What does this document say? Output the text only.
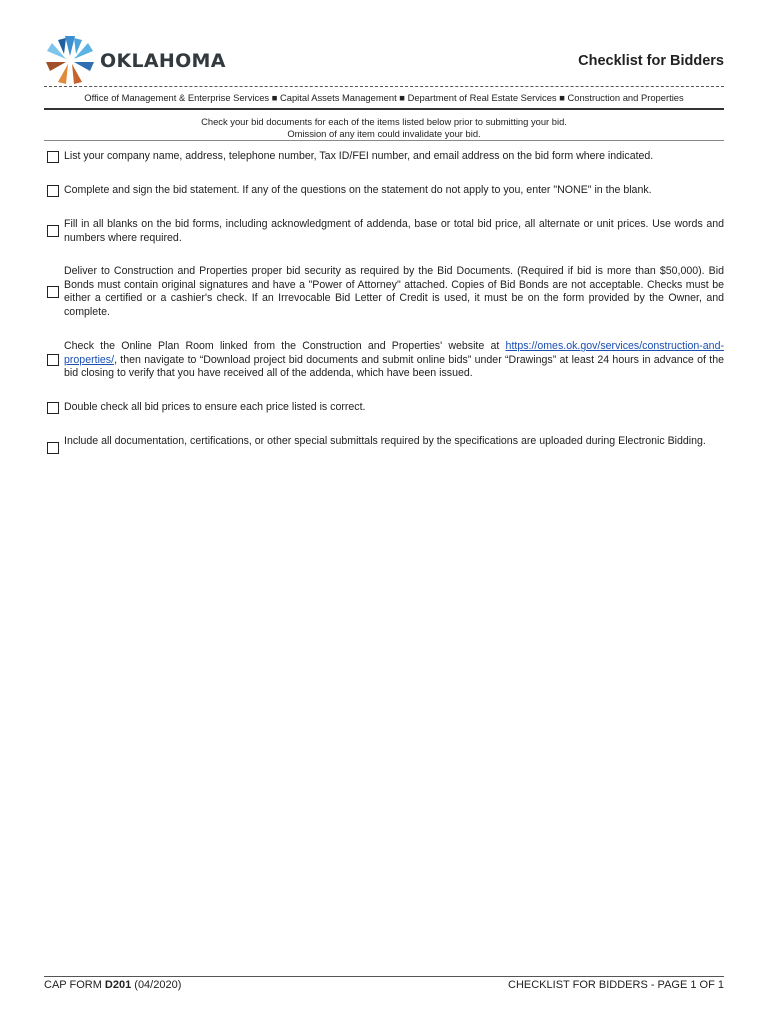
OKLAHOMA	Checklist for Bidders
Office of Management & Enterprise Services ■ Capital Assets Management ■ Department of Real Estate Services ■ Construction and Properties
Check your bid documents for each of the items listed below prior to submitting your bid.
Omission of any item could invalidate your bid.
List your company name, address, telephone number, Tax ID/FEI number, and email address on the bid form where indicated.
Complete and sign the bid statement. If any of the questions on the statement do not apply to you, enter "NONE" in the blank.
Fill in all blanks on the bid forms, including acknowledgment of addenda, base or total bid price, all alternate or unit prices. Use words and numbers where required.
Deliver to Construction and Properties proper bid security as required by the Bid Documents. (Required if bid is more than $50,000). Bid Bonds must contain original signatures and have a "Power of Attorney" attached. Copies of Bid Bonds are not acceptable. Checks must be either a certified or a cashier's check. If an Irrevocable Bid Letter of Credit is used, it must be on the form provided by the Owner, and complete.
Check the Online Plan Room linked from the Construction and Properties' website at https://omes.ok.gov/services/construction-and-properties/, then navigate to “Download project bid documents and submit online bids” under “Drawings” at least 24 hours in advance of the bid closing to verify that you have received all of the addenda, which have been issued.
Double check all bid prices to ensure each price listed is correct.
Include all documentation, certifications, or other special submittals required by the specifications are uploaded during Electronic Bidding.
CAP FORM D201 (04/2020)	CHECKLIST FOR BIDDERS - PAGE 1 OF 1
